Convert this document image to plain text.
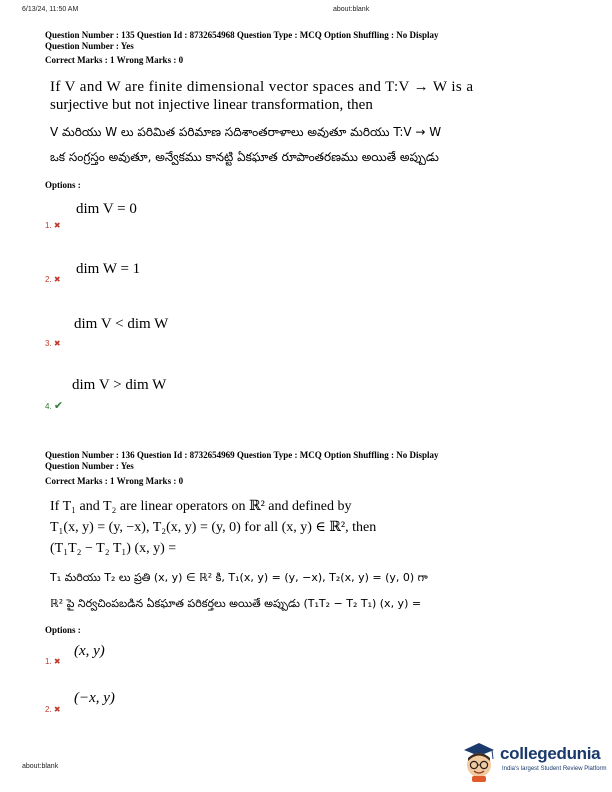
6/13/24, 11:50 AM	about:blank
Question Number : 135 Question Id : 8732654968 Question Type : MCQ Option Shuffling : No Display
Question Number : Yes
Correct Marks : 1 Wrong Marks : 0
If V and W are finite dimensional vector spaces and T:V → W is a
surjective but not injective linear transformation, then
V మరియు W లు పరిమిత పరిమాణ సదిశాంతరాళాలు అవుతూ మరియు T:V → W
ఒక సంగ్రస్తం అవుతూ, అన్వేకము కానట్టి ఏకఘాత రూపాంతరణము అయితే అప్పుడు
Options :
dim V = 0
1. ✖
dim W = 1
2. ✖
dim V < dim W
3. ✖
dim V > dim W
4. ✔
Question Number : 136 Question Id : 8732654969 Question Type : MCQ Option Shuffling : No Display
Question Number : Yes
Correct Marks : 1 Wrong Marks : 0
If T₁ and T₂ are linear operators on ℝ² and defined by
T₁(x, y) = (y, −x), T₂(x, y) = (y, 0) for all (x, y) ∈ ℝ², then
(T₁T₂ − T₂ T₁) (x, y) =
T₁ మరియు T₂ లు ప్రతి (x, y) ∈ ℝ² కి, T₁(x, y) = (y, −x), T₂(x, y) = (y, 0) గా
ℝ² పై నిర్వచింపబడిన ఏకఘాత పరికర్తలు అయితే అప్పుడు (T₁T₂ − T₂ T₁) (x, y) =
Options :
(x, y)
1. ✖
(−x, y)
2. ✖
about:blank
collegedunia
India's largest Student Review Platform
